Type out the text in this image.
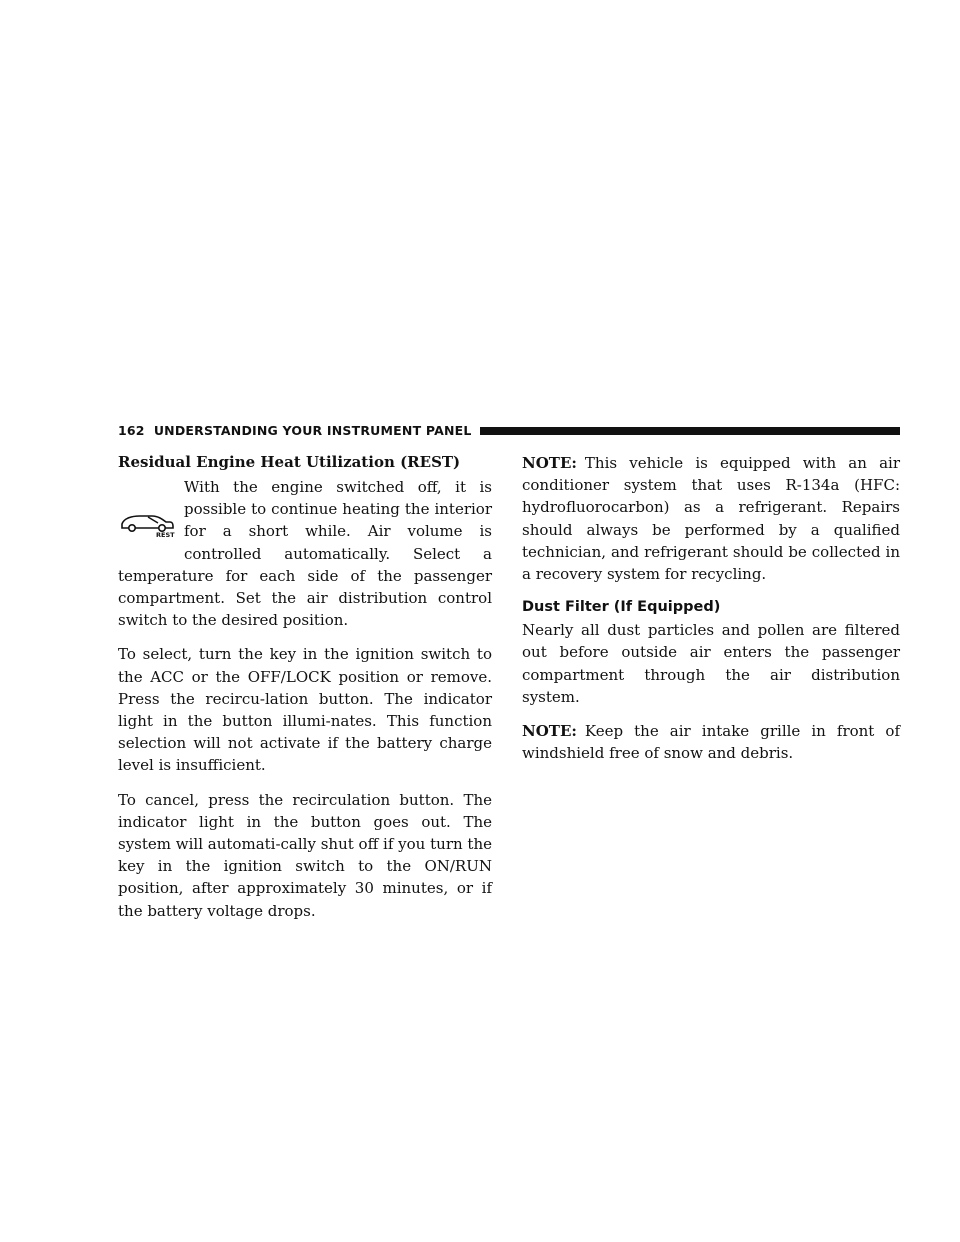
162 UNDERSTANDING YOUR INSTRUMENT PANEL
Residual Engine Heat Utilization (REST)
REST

With the engine switched off, it is possible to continue heating the interior for a short while. Air volume is controlled automatically. Select a temperature for each side of the passenger compartment. Set the air distribution control switch to the desired position.

To select, turn the key in the ignition switch to the ACC or the OFF/LOCK position or remove. Press the recircu-lation button. The indicator light in the button illumi-nates. This function selection will not activate if the battery charge level is insufficient.

To cancel, press the recirculation button. The indicator light in the button goes out. The system will automati-cally shut off if you turn the key in the ignition switch to the ON/RUN position, after approximately 30 minutes, or if the battery voltage drops.

NOTE: This vehicle is equipped with an air conditioner system that uses R-134a (HFC: hydrofluorocarbon) as a refrigerant. Repairs should always be performed by a qualified technician, and refrigerant should be collected in a recovery system for recycling.

Dust Filter (If Equipped)

Nearly all dust particles and pollen are filtered out before outside air enters the passenger compartment through the air distribution system.

NOTE: Keep the air intake grille in front of windshield free of snow and debris.
